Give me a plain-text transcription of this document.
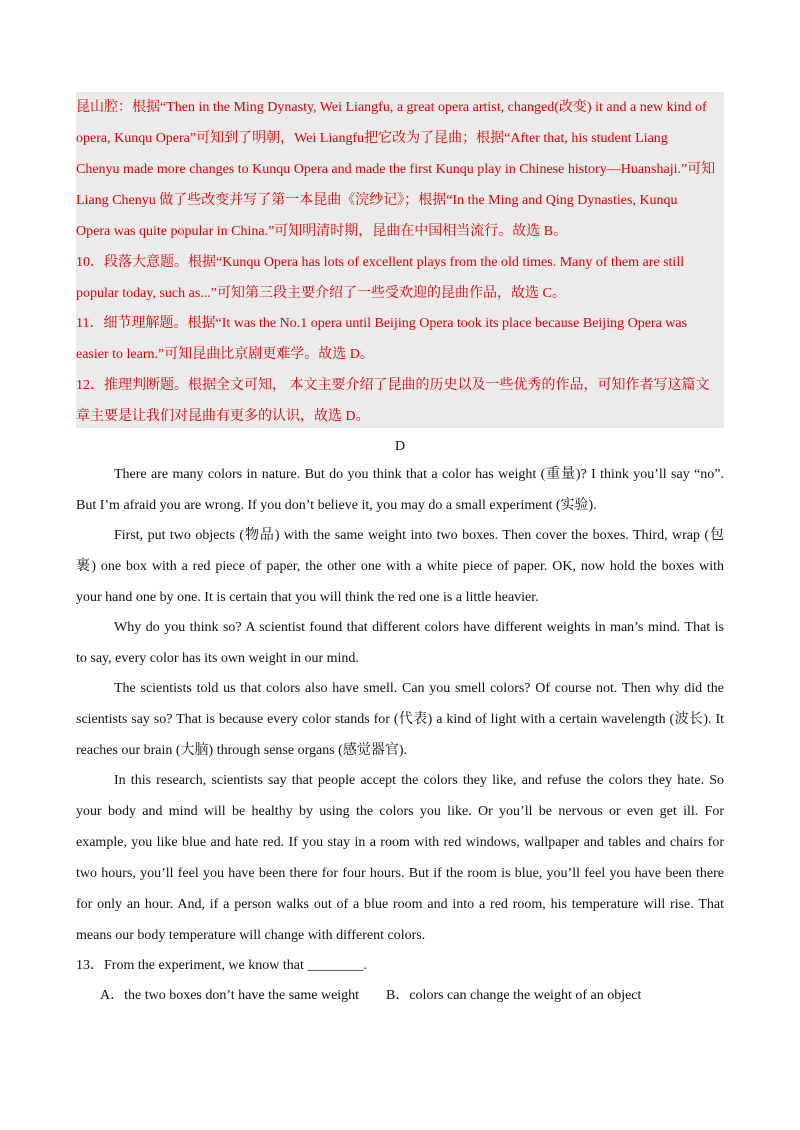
昆山腔：根据“Then in the Ming Dynasty, Wei Liangfu, a great opera artist, changed(改变) it and a new kind of
opera, Kunqu Opera”可知到了明朝，Wei Liangfu把它改为了昆曲；根据“After that, his student Liang
Chenyu made more changes to Kunqu Opera and made the first Kunqu play in Chinese history—Huanshaji.”可知
Liang Chenyu 做了些改变并写了第一本昆曲《浣纱记》；根据“In the Ming and Qing Dynasties, Kunqu
Opera was quite popular in China.”可知明清时期，昆曲在中国相当流行。故选 B。
10．段落大意题。根据“Kunqu Opera has lots of excellent plays from the old times. Many of them are still
popular today, such as...”可知第三段主要介绍了一些受欢迎的昆曲作品，故选 C。
11．细节理解题。根据“It was the No.1 opera until Beijing Opera took its place because Beijing Opera was
easier to learn.”可知昆曲比京剧更难学。故选 D。
12．推理判断题。根据全文可知， 本文主要介绍了昆曲的历史以及一些优秀的作品，可知作者写这篇文
章主要是让我们对昆曲有更多的认识，故选 D。
D
There are many colors in nature. But do you think that a color has weight (重量)? I think you’ll say “no”.
But I’m afraid you are wrong. If you don’t believe it, you may do a small experiment (实验).
First, put two objects (物品) with the same weight into two boxes. Then cover the boxes. Third, wrap (包
裹) one box with a red piece of paper, the other one with a white piece of paper. OK, now hold the boxes with
your hand one by one. It is certain that you will think the red one is a little heavier.
Why do you think so? A scientist found that different colors have different weights in man’s mind. That is
to say, every color has its own weight in our mind.
The scientists told us that colors also have smell. Can you smell colors? Of course not. Then why did the
scientists say so? That is because every color stands for (代表) a kind of light with a certain wavelength (波长). It
reaches our brain (大脑) through sense organs (感觉器官).
In this research, scientists say that people accept the colors they like, and refuse the colors they hate. So
your body and mind will be healthy by using the colors you like. Or you’ll be nervous or even get ill. For
example, you like blue and hate red. If you stay in a room with red windows, wallpaper and tables and chairs for
two hours, you’ll feel you have been there for four hours. But if the room is blue, you’ll feel you have been there
for only an hour. And, if a person walks out of a blue room and into a red room, his temperature will rise. That
means our body temperature will change with different colors.
13．From the experiment, we know that ________.
A．the two boxes don’t have the same weight	B．colors can change the weight of an object
